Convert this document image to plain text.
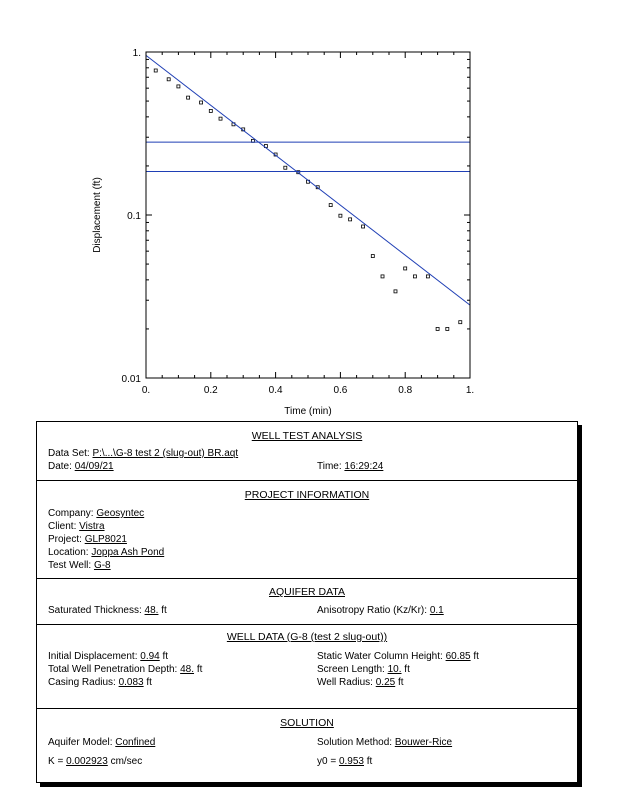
0.	0.2	0.4	0.6	0.8	1.
1.
0.1
0.01
Time (min)
Displacement (ft)
WELL TEST ANALYSIS
Data Set: P:\...\G-8 test 2 (slug-out) BR.aqt
Date: 04/09/21	Time: 16:29:24
PROJECT INFORMATION
Company: Geosyntec
Client: Vistra
Project: GLP8021
Location: Joppa Ash Pond
Test Well: G-8
AQUIFER DATA
Saturated Thickness: 48. ft	Anisotropy Ratio (Kz/Kr): 0.1
WELL DATA (G-8 (test 2 slug-out))
Initial Displacement: 0.94 ft	Static Water Column Height: 60.85 ft
Total Well Penetration Depth: 48. ft	Screen Length: 10. ft
Casing Radius: 0.083 ft	Well Radius: 0.25 ft
SOLUTION
Aquifer Model: Confined	Solution Method: Bouwer-Rice
K = 0.002923 cm/sec	y0 = 0.953 ft
